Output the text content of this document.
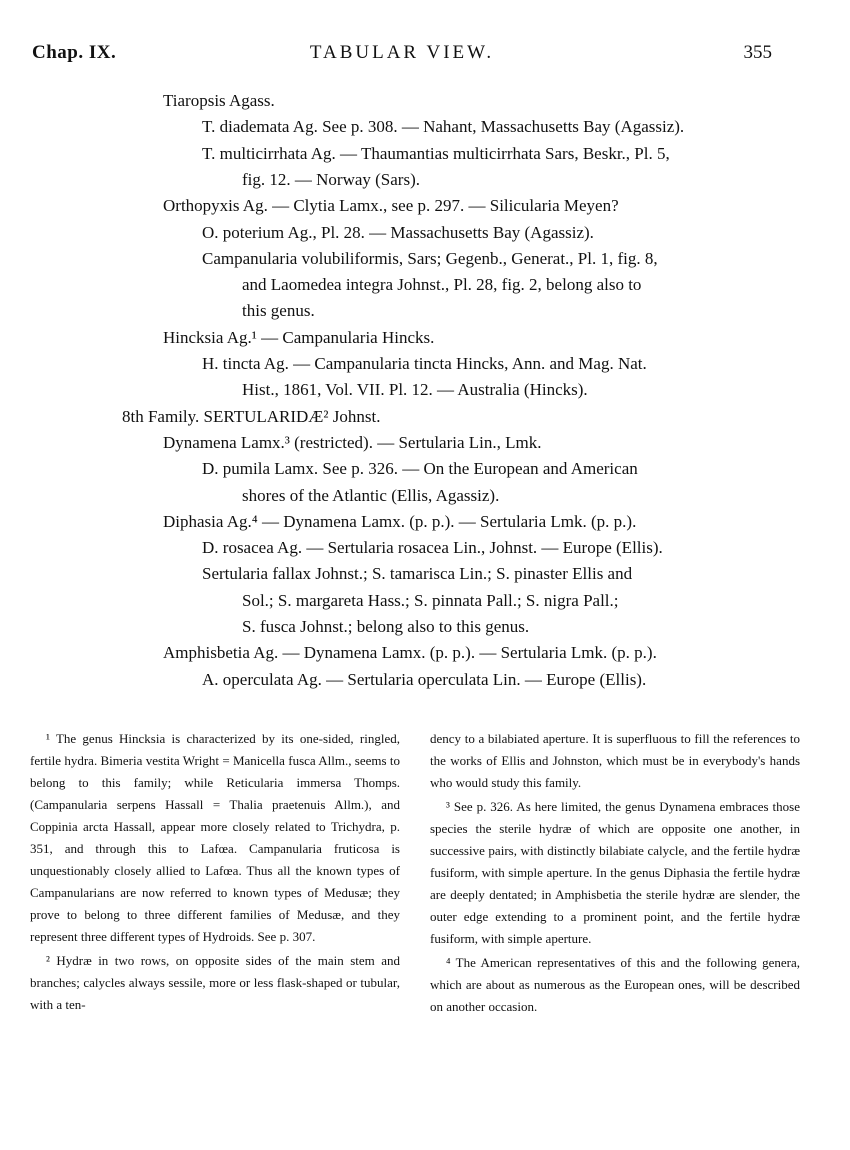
Chap. IX.	TABULAR VIEW.	355
Tiaropsis Agass.
T. diademata Ag. See p. 308. — Nahant, Massachusetts Bay (Agassiz).
T. multicirrhata Ag. — Thaumantias multicirrhata Sars, Beskr., Pl. 5,
fig. 12. — Norway (Sars).
Orthopyxis Ag. — Clytia Lamx., see p. 297. — Silicularia Meyen?
O. poterium Ag., Pl. 28. — Massachusetts Bay (Agassiz).
Campanularia volubiliformis, Sars; Gegenb., Generat., Pl. 1, fig. 8,
and Laomedea integra Johnst., Pl. 28, fig. 2, belong also to
this genus.
Hincksia Ag.¹ — Campanularia Hincks.
H. tincta Ag. — Campanularia tincta Hincks, Ann. and Mag. Nat.
Hist., 1861, Vol. VII. Pl. 12. — Australia (Hincks).
8th Family. SERTULARIDÆ² Johnst.
Dynamena Lamx.³ (restricted). — Sertularia Lin., Lmk.
D. pumila Lamx. See p. 326. — On the European and American
shores of the Atlantic (Ellis, Agassiz).
Diphasia Ag.⁴ — Dynamena Lamx. (p. p.). — Sertularia Lmk. (p. p.).
D. rosacea Ag. — Sertularia rosacea Lin., Johnst. — Europe (Ellis).
Sertularia fallax Johnst.; S. tamarisca Lin.; S. pinaster Ellis and
Sol.; S. margareta Hass.; S. pinnata Pall.; S. nigra Pall.;
S. fusca Johnst.; belong also to this genus.
Amphisbetia Ag. — Dynamena Lamx. (p. p.). — Sertularia Lmk. (p. p.).
A. operculata Ag. — Sertularia operculata Lin. — Europe (Ellis).

¹ The genus Hincksia is characterized by its one-sided, ringled, fertile hydra. Bimeria vestita Wright = Manicella fusca Allm., seems to belong to this family; while Reticularia immersa Thomps. (Campanularia serpens Hassall = Thalia praetenuis Allm.), and Coppinia arcta Hassall, appear more closely related to Trichydra, p. 351, and through this to Lafœa. Campanularia fruticosa is unquestionably closely allied to Lafœa. Thus all the known types of Campanularians are now referred to known types of Medusæ; they prove to belong to three different families of Medusæ, and they represent three different types of Hydroids. See p. 307.

² Hydræ in two rows, on opposite sides of the main stem and branches; calycles always sessile, more or less flask-shaped or tubular, with a ten-

dency to a bilabiated aperture. It is superfluous to fill the references to the works of Ellis and Johnston, which must be in everybody's hands who would study this family.

³ See p. 326. As here limited, the genus Dynamena embraces those species the sterile hydræ of which are opposite one another, in successive pairs, with distinctly bilabiate calycle, and the fertile hydræ fusiform, with simple aperture. In the genus Diphasia the fertile hydræ are deeply dentated; in Amphisbetia the sterile hydræ are slender, the outer edge extending to a prominent point, and the fertile hydræ fusiform, with simple aperture.

⁴ The American representatives of this and the following genera, which are about as numerous as the European ones, will be described on another occasion.
